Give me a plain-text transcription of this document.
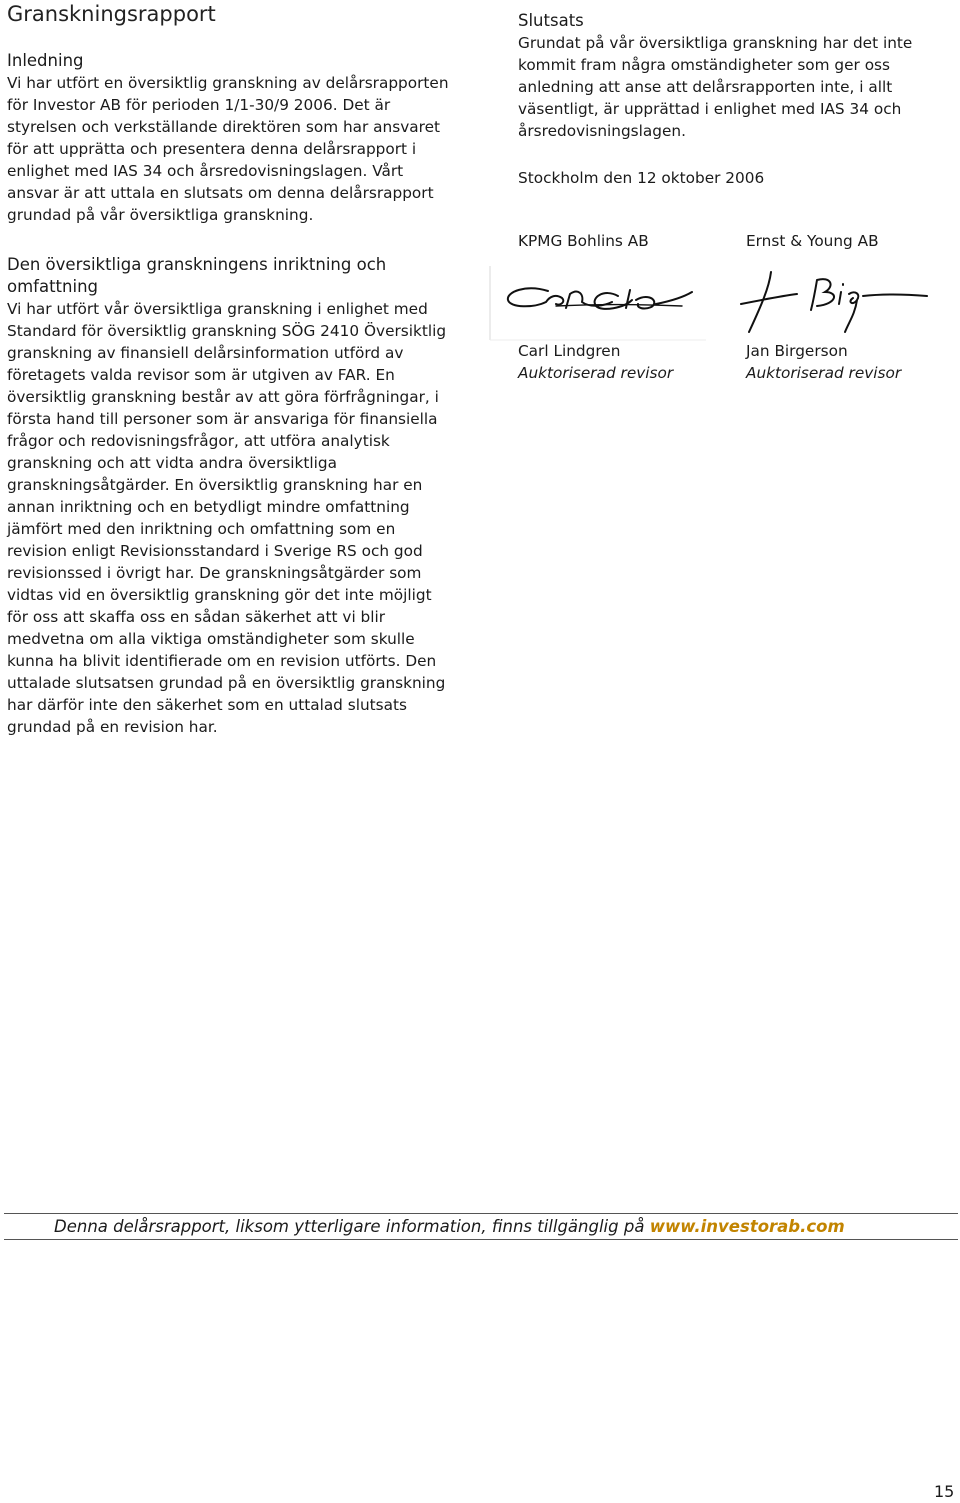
Granskningsrapport

Inledning

Vi har utfört en översiktlig granskning av delårsrapporten för Investor AB för perioden 1/1-30/9 2006. Det är styrelsen och verkställande direktören som har ansvaret för att upprätta och presentera denna delårsrapport i enlighet med IAS 34 och årsredovisningslagen. Vårt ansvar är att uttala en slutsats om denna delårsrapport grundad på vår översiktliga granskning.

Den översiktliga granskningens inriktning och omfattning

Vi har utfört vår översiktliga granskning i enlighet med Standard för översiktlig granskning SÖG 2410 Översiktlig granskning av finansiell delårsinformation utförd av företagets valda revisor som är utgiven av FAR. En översiktlig granskning består av att göra förfrågningar, i första hand till personer som är ansvariga för finansiella frågor och redovisningsfrågor, att utföra analytisk granskning och att vidta andra översiktliga granskningsåtgärder. En översiktlig granskning har en annan inriktning och en betydligt mindre omfattning jämfört med den inriktning och omfattning som en revision enligt Revisionsstandard i Sverige RS och god revisionssed i övrigt har. De granskningsåtgärder som vidtas vid en översiktlig granskning gör det inte möjligt för oss att skaffa oss en sådan säkerhet att vi blir medvetna om alla viktiga omständigheter som skulle kunna ha blivit identifierade om en revision utförts. Den uttalade slutsatsen grundad på en översiktlig granskning har därför inte den säkerhet som en uttalad slutsats grundad på en revision har.

Slutsats

Grundat på vår översiktliga granskning har det inte kommit fram några omständigheter som ger oss anledning att anse att delårsrapporten inte, i allt väsentligt, är upprättad i enlighet med IAS 34 och årsredovisningslagen.

Stockholm den 12 oktober 2006

KPMG Bohlins AB	Ernst & Young AB
Carl Lindgren
Auktoriserad revisor
Jan Birgerson
Auktoriserad revisor
Denna delårsrapport, liksom ytterligare information, finns tillgänglig på www.investorab.com
15
